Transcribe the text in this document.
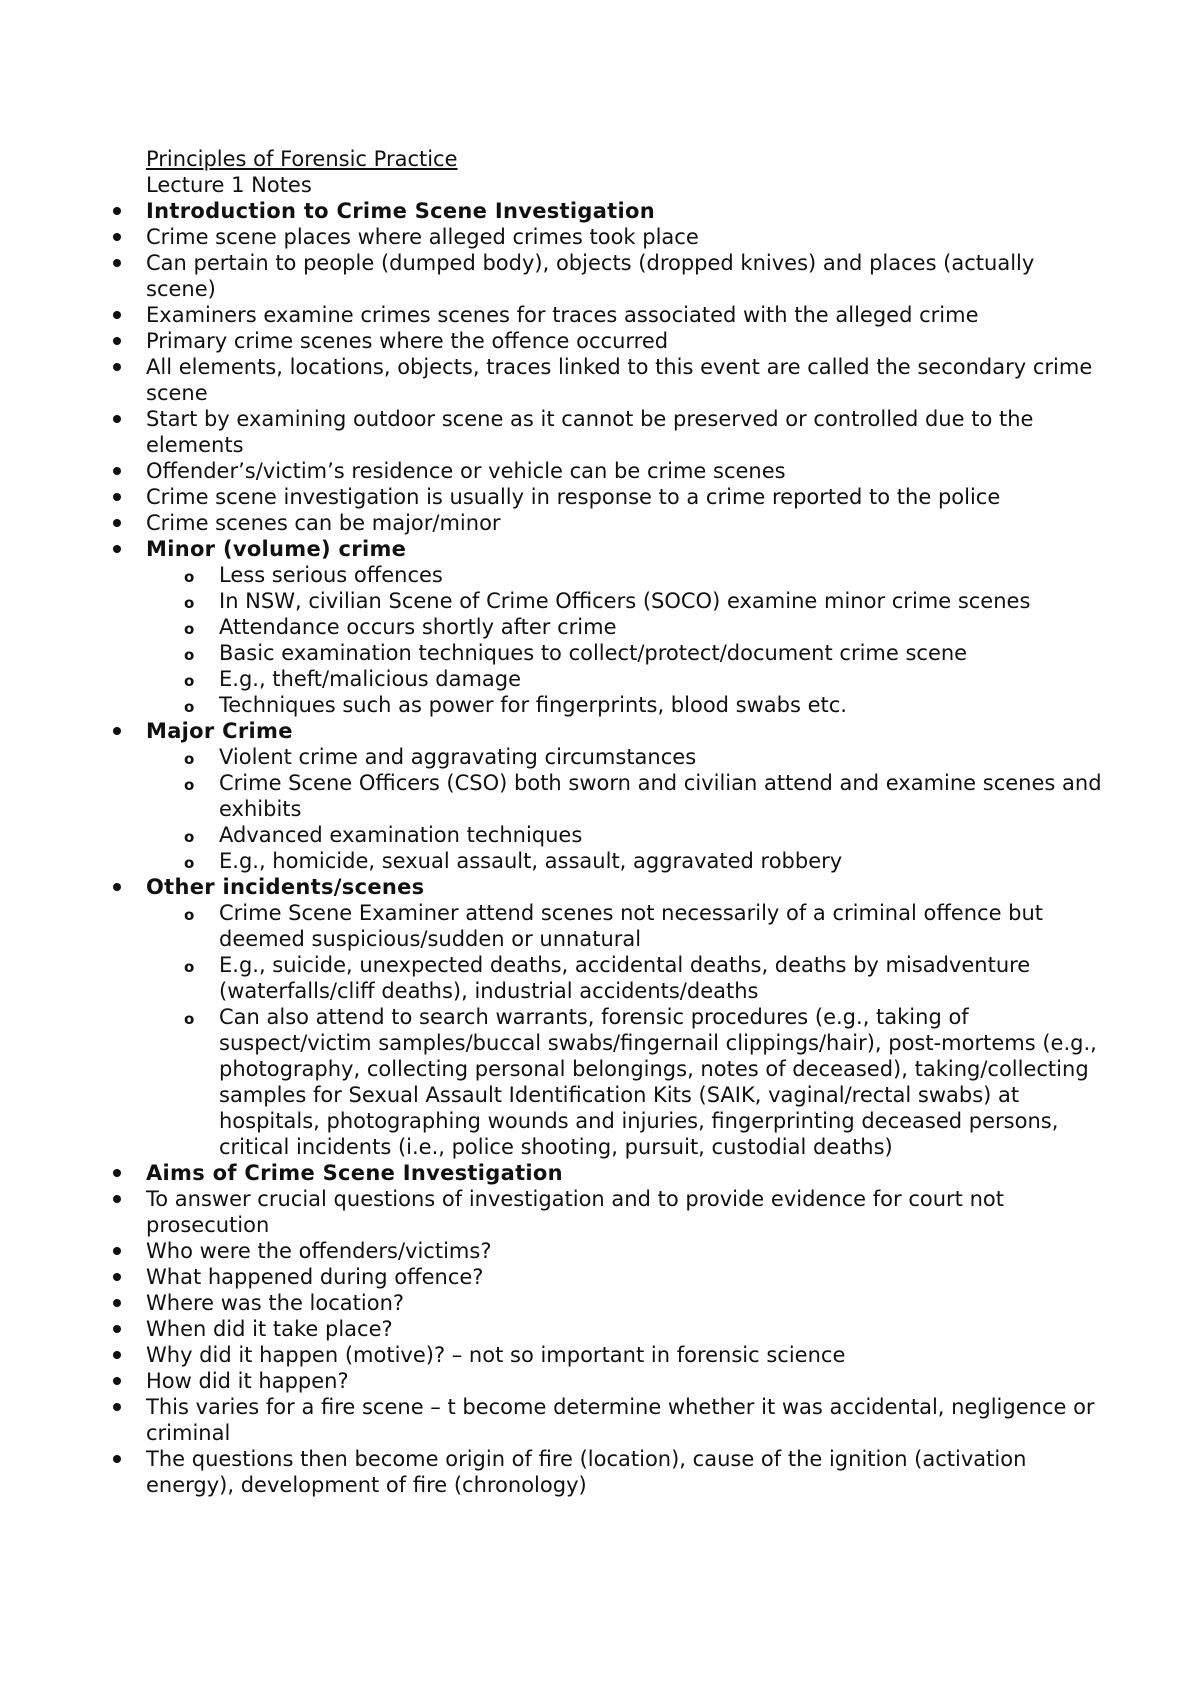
Principles of Forensic Practice
Lecture 1 Notes
Introduction to Crime Scene Investigation
Crime scene places where alleged crimes took place
Can pertain to people (dumped body), objects (dropped knives) and places (actually scene)
Examiners examine crimes scenes for traces associated with the alleged crime
Primary crime scenes where the offence occurred
All elements, locations, objects, traces linked to this event are called the secondary crime scene
Start by examining outdoor scene as it cannot be preserved or controlled due to the elements
Offender’s/victim’s residence or vehicle can be crime scenes
Crime scene investigation is usually in response to a crime reported to the police
Crime scenes can be major/minor
Minor (volume) crime
o Less serious offences
o In NSW, civilian Scene of Crime Officers (SOCO) examine minor crime scenes
o Attendance occurs shortly after crime
o Basic examination techniques to collect/protect/document crime scene
o E.g., theft/malicious damage
o Techniques such as power for fingerprints, blood swabs etc.
Major Crime
o Violent crime and aggravating circumstances
o Crime Scene Officers (CSO) both sworn and civilian attend and examine scenes and exhibits
o Advanced examination techniques
o E.g., homicide, sexual assault, assault, aggravated robbery
Other incidents/scenes
o Crime Scene Examiner attend scenes not necessarily of a criminal offence but deemed suspicious/sudden or unnatural
o E.g., suicide, unexpected deaths, accidental deaths, deaths by misadventure (waterfalls/cliff deaths), industrial accidents/deaths
o Can also attend to search warrants, forensic procedures (e.g., taking of suspect/victim samples/buccal swabs/fingernail clippings/hair), post-mortems (e.g., photography, collecting personal belongings, notes of deceased), taking/collecting samples for Sexual Assault Identification Kits (SAIK, vaginal/rectal swabs) at hospitals, photographing wounds and injuries, fingerprinting deceased persons, critical incidents (i.e., police shooting, pursuit, custodial deaths)
Aims of Crime Scene Investigation
To answer crucial questions of investigation and to provide evidence for court not prosecution
Who were the offenders/victims?
What happened during offence?
Where was the location?
When did it take place?
Why did it happen (motive)? – not so important in forensic science
How did it happen?
This varies for a fire scene – t become determine whether it was accidental, negligence or criminal
The questions then become origin of fire (location), cause of the ignition (activation energy), development of fire (chronology)
